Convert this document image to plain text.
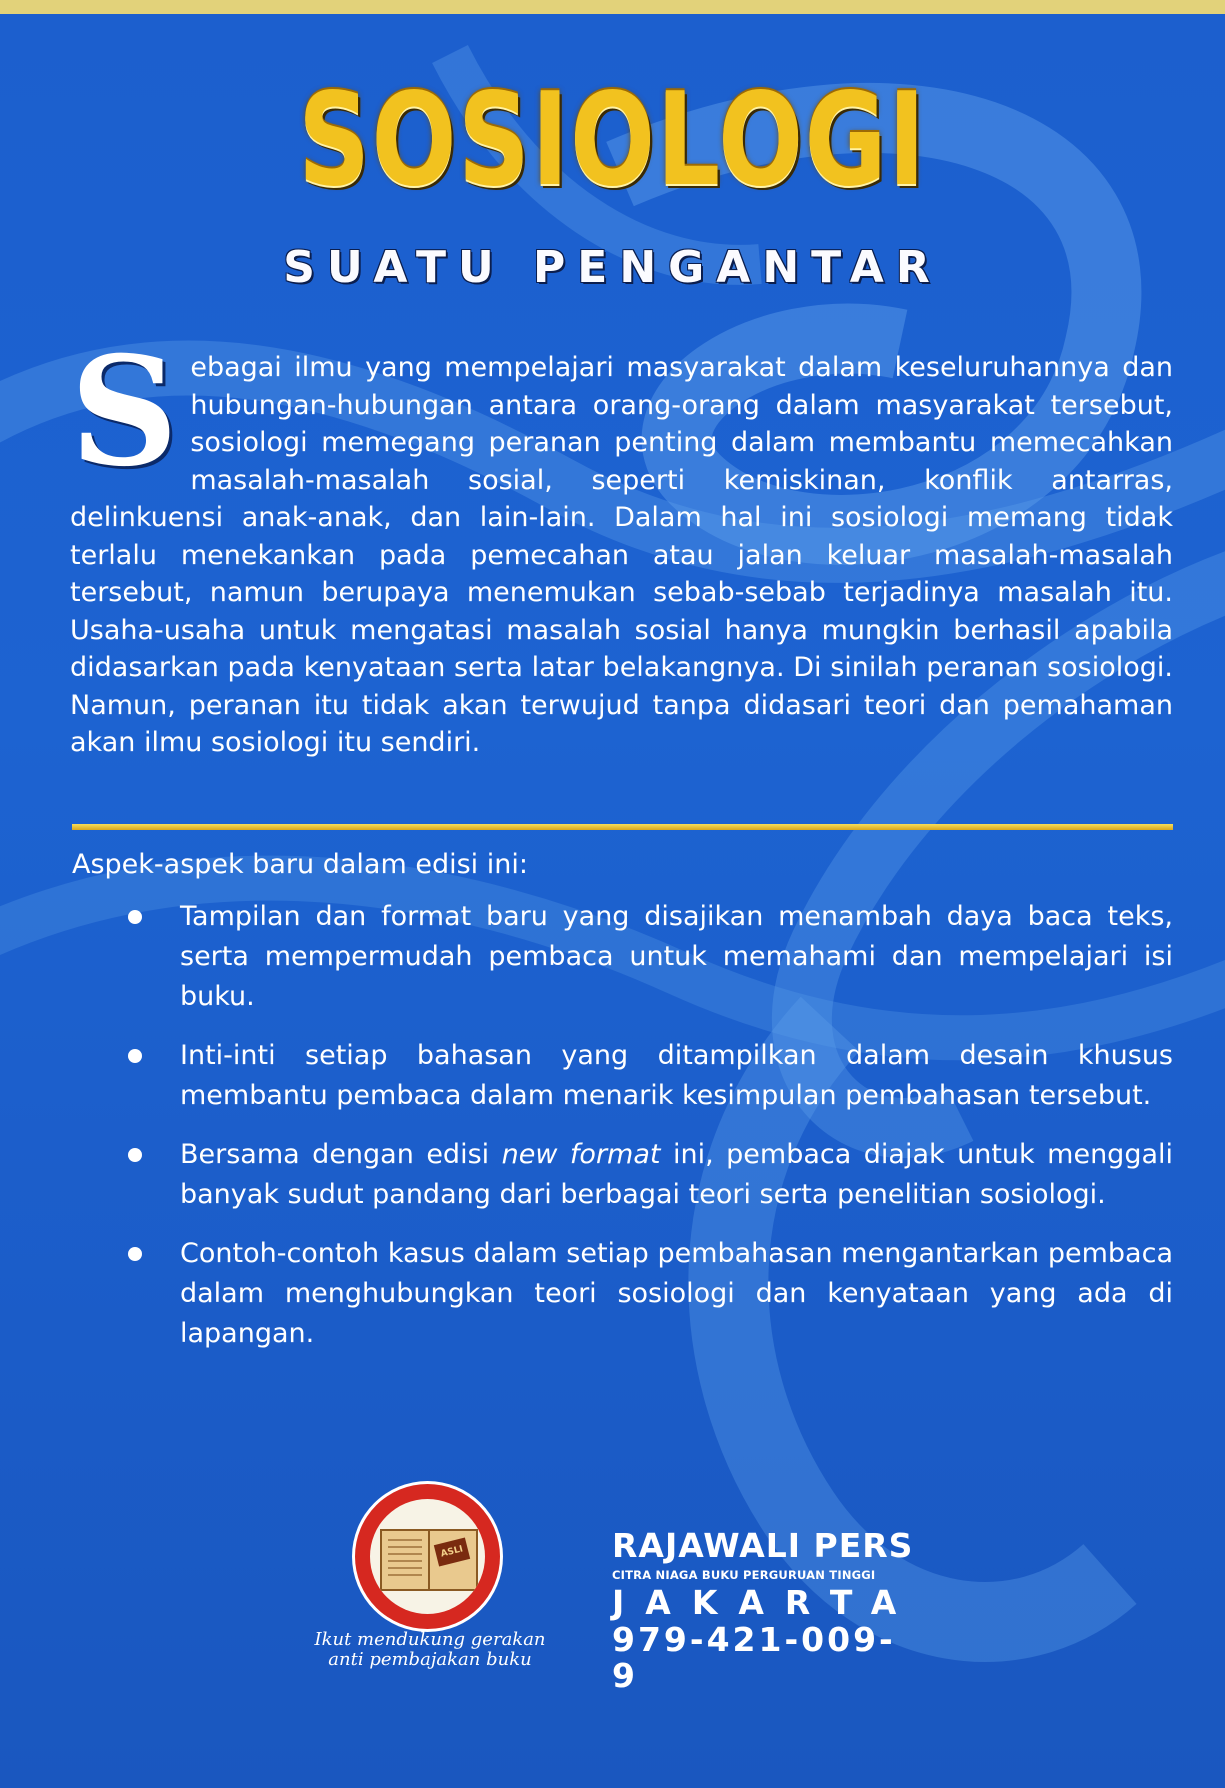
SOSIOLOGI
SUATU PENGANTAR
Sebagai ilmu yang mempelajari masyarakat dalam keseluruhannya dan hubungan-hubungan antara orang-orang dalam masyarakat tersebut, sosiologi memegang peranan penting dalam membantu memecahkan masalah-masalah sosial, seperti kemiskinan, konflik antarras, delinkuensi anak-anak, dan lain-lain. Dalam hal ini sosiologi memang tidak terlalu menekankan pada pemecahan atau jalan keluar masalah-masalah tersebut, namun berupaya menemukan sebab-sebab terjadinya masalah itu. Usaha-usaha untuk mengatasi masalah sosial hanya mungkin berhasil apabila didasarkan pada kenyataan serta latar belakangnya. Di sinilah peranan sosiologi. Namun, peranan itu tidak akan terwujud tanpa didasari teori dan pemahaman akan ilmu sosiologi itu sendiri.
Aspek-aspek baru dalam edisi ini:
Tampilan dan format baru yang disajikan menambah daya baca teks, serta mempermudah pembaca untuk memahami dan mempelajari isi buku.
Inti-inti setiap bahasan yang ditampilkan dalam desain khusus membantu pembaca dalam menarik kesimpulan pembahasan tersebut.
Bersama dengan edisi new format ini, pembaca diajak untuk menggali banyak sudut pandang dari berbagai teori serta penelitian sosiologi.
Contoh-contoh kasus dalam setiap pembahasan mengantarkan pembaca dalam menghubungkan teori sosiologi dan kenyataan yang ada di lapangan.
ASLI
Ikut mendukung gerakan
anti pembajakan buku
RAJAWALI PERS
CITRA NIAGA BUKU PERGURUAN TINGGI
JAKARTA
979-421-009-9
